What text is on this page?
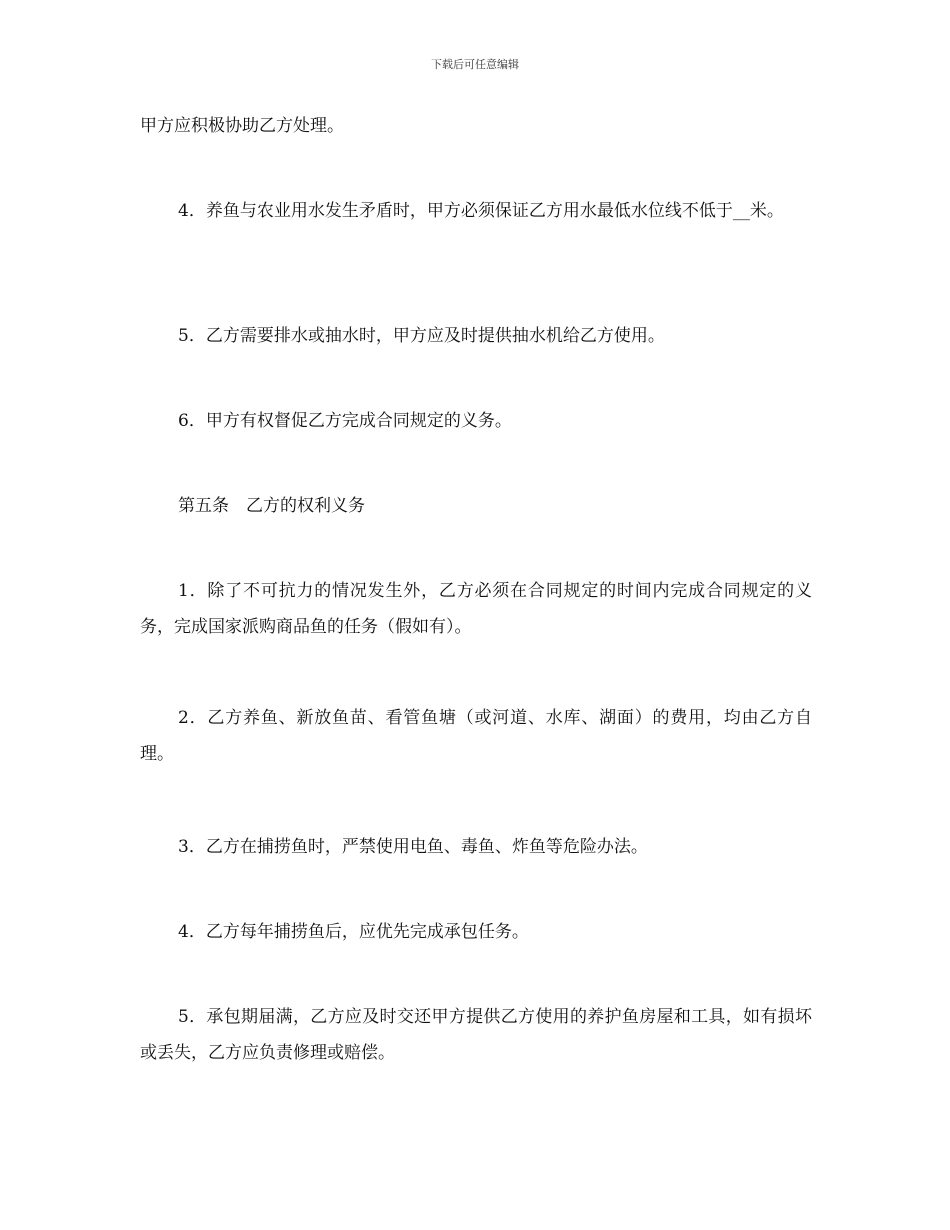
下载后可任意编辑

甲方应积极协助乙方处理。

4．养鱼与农业用水发生矛盾时，甲方必须保证乙方用水最低水位线不低于__米。

5．乙方需要排水或抽水时，甲方应及时提供抽水机给乙方使用。

6．甲方有权督促乙方完成合同规定的义务。

第五条　乙方的权利义务

1．除了不可抗力的情况发生外，乙方必须在合同规定的时间内完成合同规定的义务，完成国家派购商品鱼的任务（假如有）。

2．乙方养鱼、新放鱼苗、看管鱼塘（或河道、水库、湖面）的费用，均由乙方自理。

3．乙方在捕捞鱼时，严禁使用电鱼、毒鱼、炸鱼等危险办法。

4．乙方每年捕捞鱼后，应优先完成承包任务。

5．承包期届满，乙方应及时交还甲方提供乙方使用的养护鱼房屋和工具，如有损坏或丢失，乙方应负责修理或赔偿。
